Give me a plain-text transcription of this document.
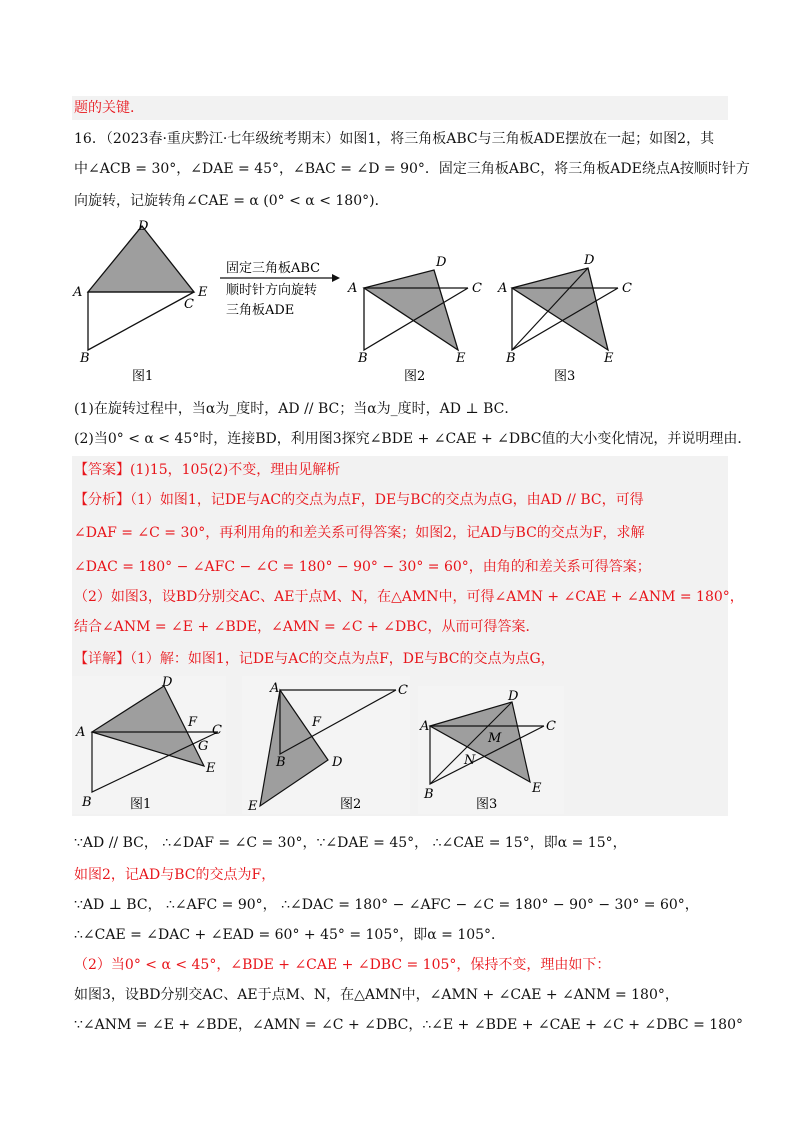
题的关键.
16．（2023春·重庆黔江·七年级统考期末）如图1，将三角板ABC与三角板ADE摆放在一起；如图2，其
中∠ACB = 30°，∠DAE = 45°，∠BAC = ∠D = 90°．固定三角板ABC，将三角板ADE绕点A按顺时针方
向旋转，记旋转角∠CAE = α (0° < α < 180°)．
D
A	E
C
B
图1
固定三角板ABC
顺时针方向旋转
三角板ADE
D
A	C
B	E
图2
D
A	C
B	E
图3
(1)在旋转过程中，当α为_度时，AD // BC；当α为_度时，AD ⊥ BC．
(2)当0° < α < 45°时，连接BD，利用图3探究∠BDE + ∠CAE + ∠DBC值的大小变化情况，并说明理由．
【答案】(1)15，105(2)不变，理由见解析
【分析】（1）如图1，记DE与AC的交点为点F，DE与BC的交点为点G，由AD // BC，可得
∠DAF = ∠C = 30°，再利用角的和差关系可得答案；如图2，记AD与BC的交点为F，求解
∠DAC = 180° − ∠AFC − ∠C = 180° − 90° − 30° = 60°，由角的和差关系可得答案；
（2）如图3，设BD分别交AC、AE于点M、N，在△AMN中，可得∠AMN + ∠CAE + ∠ANM = 180°，
结合∠ANM = ∠E + ∠BDE，∠AMN = ∠C + ∠DBC，从而可得答案．
【详解】（1）解：如图1，记DE与AC的交点为点F，DE与BC的交点为点G，
D
A
F
C
G
E
B	图1
A	C
F
B	D
E	图2
D
A	C
M
N
B	E
图3
∵AD // BC， ∴∠DAF = ∠C = 30°，∵∠DAE = 45°， ∴∠CAE = 15°，即α = 15°，
如图2，记AD与BC的交点为F，
∵AD ⊥ BC， ∴∠AFC = 90°， ∴∠DAC = 180° − ∠AFC − ∠C = 180° − 90° − 30° = 60°，
∴∠CAE = ∠DAC + ∠EAD = 60° + 45° = 105°，即α = 105°．
（2）当0° < α < 45°，∠BDE + ∠CAE + ∠DBC = 105°，保持不变，理由如下：
如图3，设BD分别交AC、AE于点M、N，在△AMN中，∠AMN + ∠CAE + ∠ANM = 180°，
∵∠ANM = ∠E + ∠BDE，∠AMN = ∠C + ∠DBC，∴∠E + ∠BDE + ∠CAE + ∠C + ∠DBC = 180°
